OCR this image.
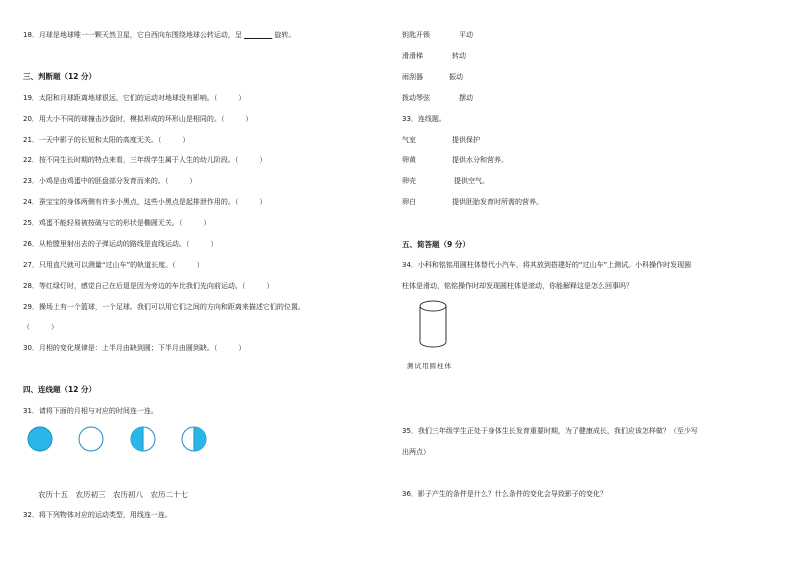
18．月球是地球唯一一颗天然卫星，它自西向东围绕地球公转运动，呈 ________ 旋转。
三、判断题（12 分）
19．太阳和月球距离地球很远，它们的运动对地球没有影响。（　　　）
20．用大小不同的球撞击沙盘时，模拟形成的环形山是相同的。（　　　）
21．一天中影子的长短和太阳的高度无关。（　　　）
22．按不同生长时期的特点来看，三年级学生属于人生的幼儿阶段。（　　　）
23．小鸡是由鸡蛋中的胚盘部分发育而来的。（　　　）
24．蚕宝宝的身体两侧有许多小黑点，这些小黑点是起排泄作用的。（　　　）
25．鸡蛋不能轻易被按破与它的形状是椭圆无关。（　　　）
26．从枪膛里射出去的子弹运动的路线是直线运动。（　　　）
27．只用直尺就可以测量“过山车”的轨道长度。（　　　）
28．等红绿灯时，感觉自己在后退是因为旁边的车比我们先向前运动。（　　　）
29．操场上有一个篮球，一个足球。我们可以用它们之间的方向和距离来描述它们的位置。
（　　　）
30．月相的变化规律是：上半月由缺到圆；下半月由圆到缺。（　　　）
四、连线题（12 分）
31．请将下面的月相与对应的时间连一连。
农历十五　农历初三　农历初八　农历二十七
32．将下列物体对应的运动类型，用线连一连。
钥匙开锁	平动
滑滑梯	转动
雨刮器	振动
拨动琴弦	摆动
33．连线题。
气室	提供保护
卵黄	提供水分和营养。
卵壳	提供空气。
卵白	提供胚胎发育时所需的营养。
五、简答题（9 分）
34．小科和铭铭用圆柱体替代小汽车，将其放到搭建好的“过山车”上测试。小科操作时发现圆
柱体是滑动，铭铭操作时却发现圆柱体是滚动，你能解释这是怎么回事吗？
测试用圆柱体
35．我们三年级学生正处于身体生长发育重要时期，为了健康成长，我们应该怎样做？（至少写
出两点）
36．影子产生的条件是什么？什么条件的变化会导致影子的变化？
